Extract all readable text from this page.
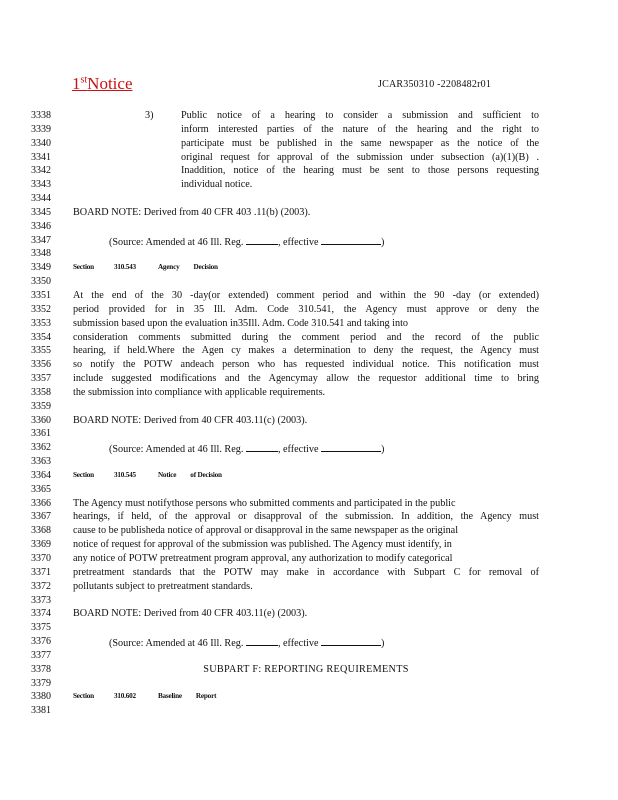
1stNotice	JCAR350310 -2208482r01
3338	3)	Public notice of a hearing to consider a submission and sufficient to
3339	inform interested parties of the nature of the hearing and the right to
3340	participate must be published in the same newspaper as the notice of the
3341	original request for approval of the submission under subsection (a)(1)(B) .
3342	Inaddition, notice of the hearing must be sent to those persons requesting
3343	individual notice.
3344
3345	BOARD NOTE: Derived from 40 CFR 403 .11(b) (2003).
3346
3347	(Source: Amended at 46 Ill. Reg.	, effective	)
3348
3349	Section	310.543	Agency Decision
3350
3351	At the end of the 30 -day(or extended) comment period and within the 90 -day (or extended)
3352	period provided for in 35 Ill. Adm. Code 310.541, the Agency must approve or deny the
3353	submission based upon the evaluation in35Ill. Adm. Code 310.541 and taking into
3354	consideration comments submitted during the comment period and the record of the public
3355	hearing, if held.Where the Agen cy makes a determination to deny the request, the Agency must
3356	so notify the POTW andeach person who has requested individual notice. This notification must
3357	include suggested modifications and the Agencymay allow the requestor additional time to bring
3358	the submission into compliance with applicable requirements.
3359
3360	BOARD NOTE: Derived from 40 CFR 403.11(c) (2003).
3361
3362	(Source: Amended at 46 Ill. Reg.	, effective	)
3363
3364	Section	310.545	Notice of Decision
3365
3366	The Agency must notifythose persons who submitted comments and participated in the public
3367	hearings, if held, of the approval or disapproval of the submission. In addition, the Agency must
3368	cause to be publisheda notice of approval or disapproval in the same newspaper as the original
3369	notice of request for approval of the submission was published. The Agency must identify, in
3370	any notice of POTW pretreatment program approval, any authorization to modify categorical
3371	pretreatment standards that the POTW may make in accordance with Subpart C for removal of
3372	pollutants subject to pretreatment standards.
3373
3374	BOARD NOTE: Derived from 40 CFR 403.11(e) (2003).
3375
3376	(Source: Amended at 46 Ill. Reg.	, effective	)
3377
3378	SUBPART F: REPORTING REQUIREMENTS
3379
3380	Section	310.602	Baseline Report
3381
